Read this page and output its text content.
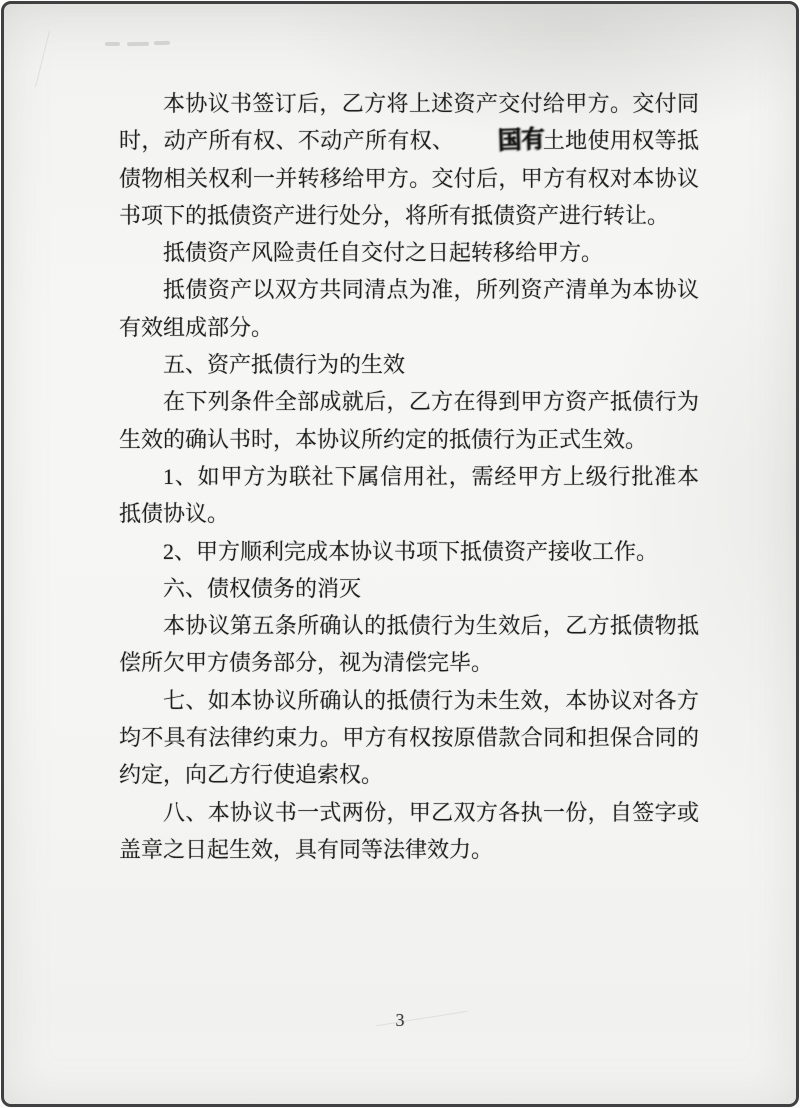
本协议书签订后，乙方将上述资产交付给甲方。交付同时，动产所有权、不动产所有权、 国有土地使用权等抵债物相关权利一并转移给甲方。交付后，甲方有权对本协议书项下的抵债资产进行处分，将所有抵债资产进行转让。

抵债资产风险责任自交付之日起转移给甲方。

抵债资产以双方共同清点为准，所列资产清单为本协议有效组成部分。

五、资产抵债行为的生效

在下列条件全部成就后，乙方在得到甲方资产抵债行为生效的确认书时，本协议所约定的抵债行为正式生效。

1、如甲方为联社下属信用社，需经甲方上级行批准本抵债协议。

2、甲方顺利完成本协议书项下抵债资产接收工作。

六、债权债务的消灭

本协议第五条所确认的抵债行为生效后，乙方抵债物抵偿所欠甲方债务部分，视为清偿完毕。

七、如本协议所确认的抵债行为未生效，本协议对各方均不具有法律约束力。甲方有权按原借款合同和担保合同的约定，向乙方行使追索权。

八、本协议书一式两份，甲乙双方各执一份，自签字或盖章之日起生效，具有同等法律效力。

3
